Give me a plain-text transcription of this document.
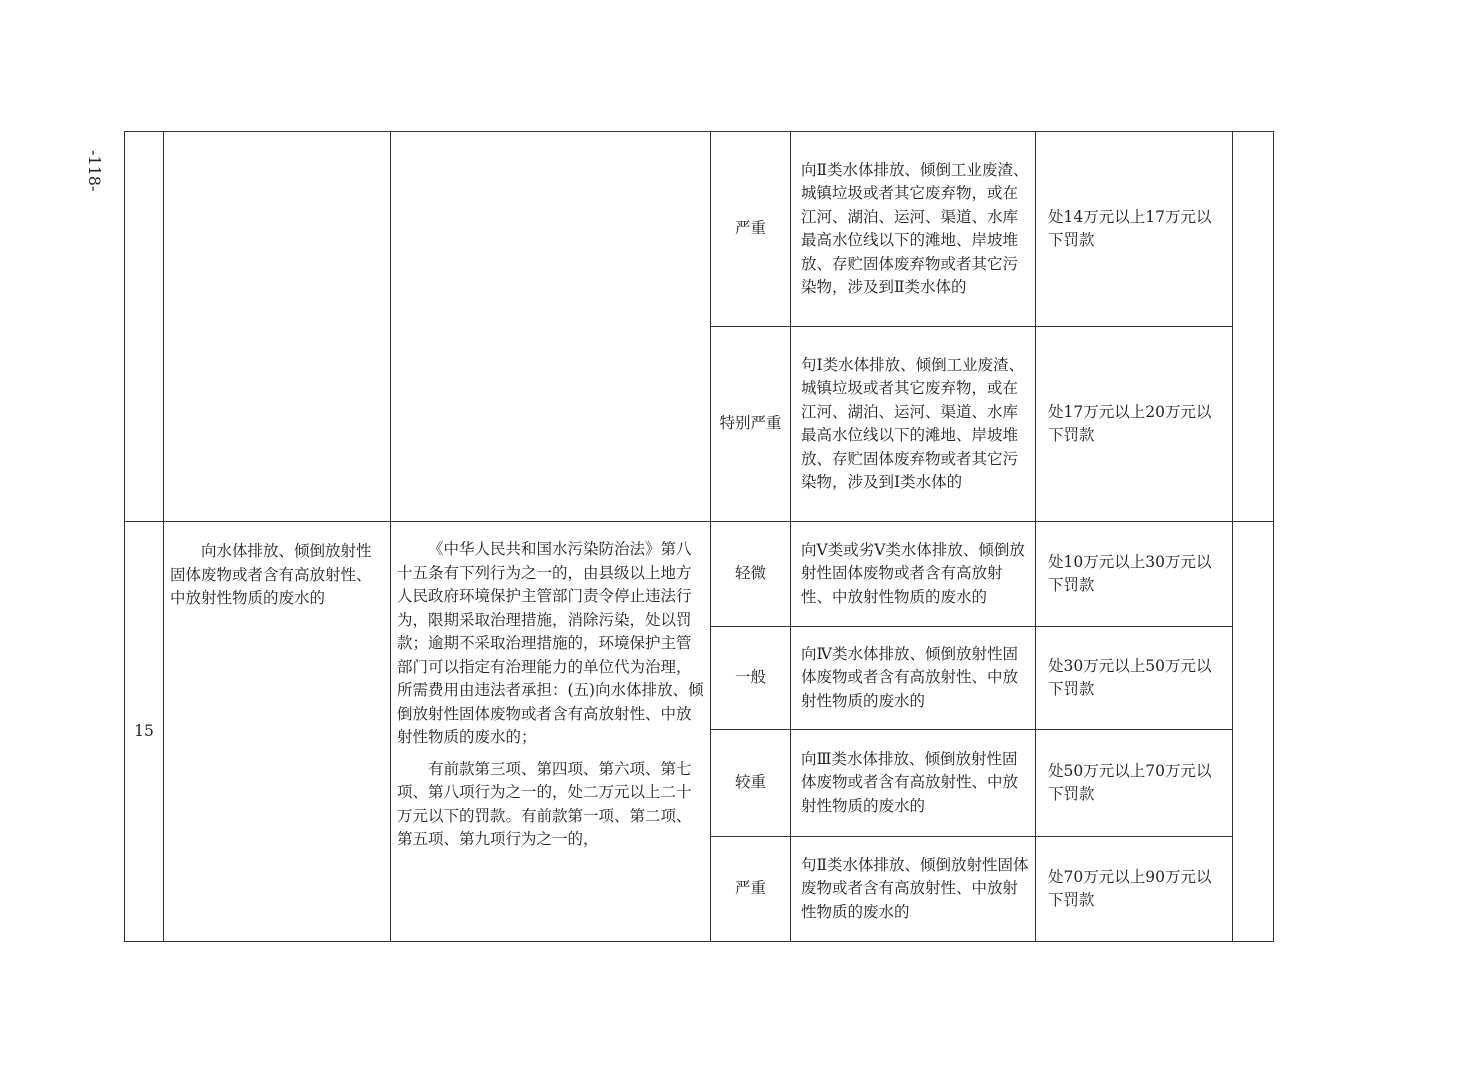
-118-
			严重	向Ⅱ类水体排放、倾倒工业废渣、城镇垃圾或者其它废弃物，或在江河、湖泊、运河、渠道、水库最高水位线以下的滩地、岸坡堆放、存贮固体废弃物或者其它污染物，涉及到Ⅱ类水体的	处14万元以上17万元以下罚款	
			特别严重	句I类水体排放、倾倒工业废渣、城镇垃圾或者其它废弃物，或在江河、湖泊、运河、渠道、水库最高水位线以下的滩地、岸坡堆放、存贮固体废弃物或者其它污染物，涉及到I类水体的	处17万元以上20万元以下罚款	
15	向水体排放、倾倒放射性固体废物或者含有高放射性、中放射性物质的废水的	《中华人民共和国水污染防治法》第八十五条有下列行为之一的，由县级以上地方人民政府环境保护主管部门责令停止违法行为，限期采取治理措施，消除污染，处以罚款；逾期不采取治理措施的，环境保护主管部门可以指定有治理能力的单位代为治理，所需费用由违法者承担：(五)向水体排放、倾倒放射性固体废物或者含有高放射性、中放射性物质的废水的；

有前款第三项、第四项、第六项、第七项、第八项行为之一的，处二万元以上二十万元以下的罚款。有前款第一项、第二项、第五项、第九项行为之一的，	轻微	向V类或劣V类水体排放、倾倒放射性固体废物或者含有高放射性、中放射性物质的废水的	处10万元以上30万元以下罚款	
			一般	向Ⅳ类水体排放、倾倒放射性固体废物或者含有高放射性、中放射性物质的废水的	处30万元以上50万元以下罚款	
			较重	向Ⅲ类水体排放、倾倒放射性固体废物或者含有高放射性、中放射性物质的废水的	处50万元以上70万元以下罚款	
			严重	句Ⅱ类水体排放、倾倒放射性固体废物或者含有高放射性、中放射性物质的废水的	处70万元以上90万元以下罚款	
